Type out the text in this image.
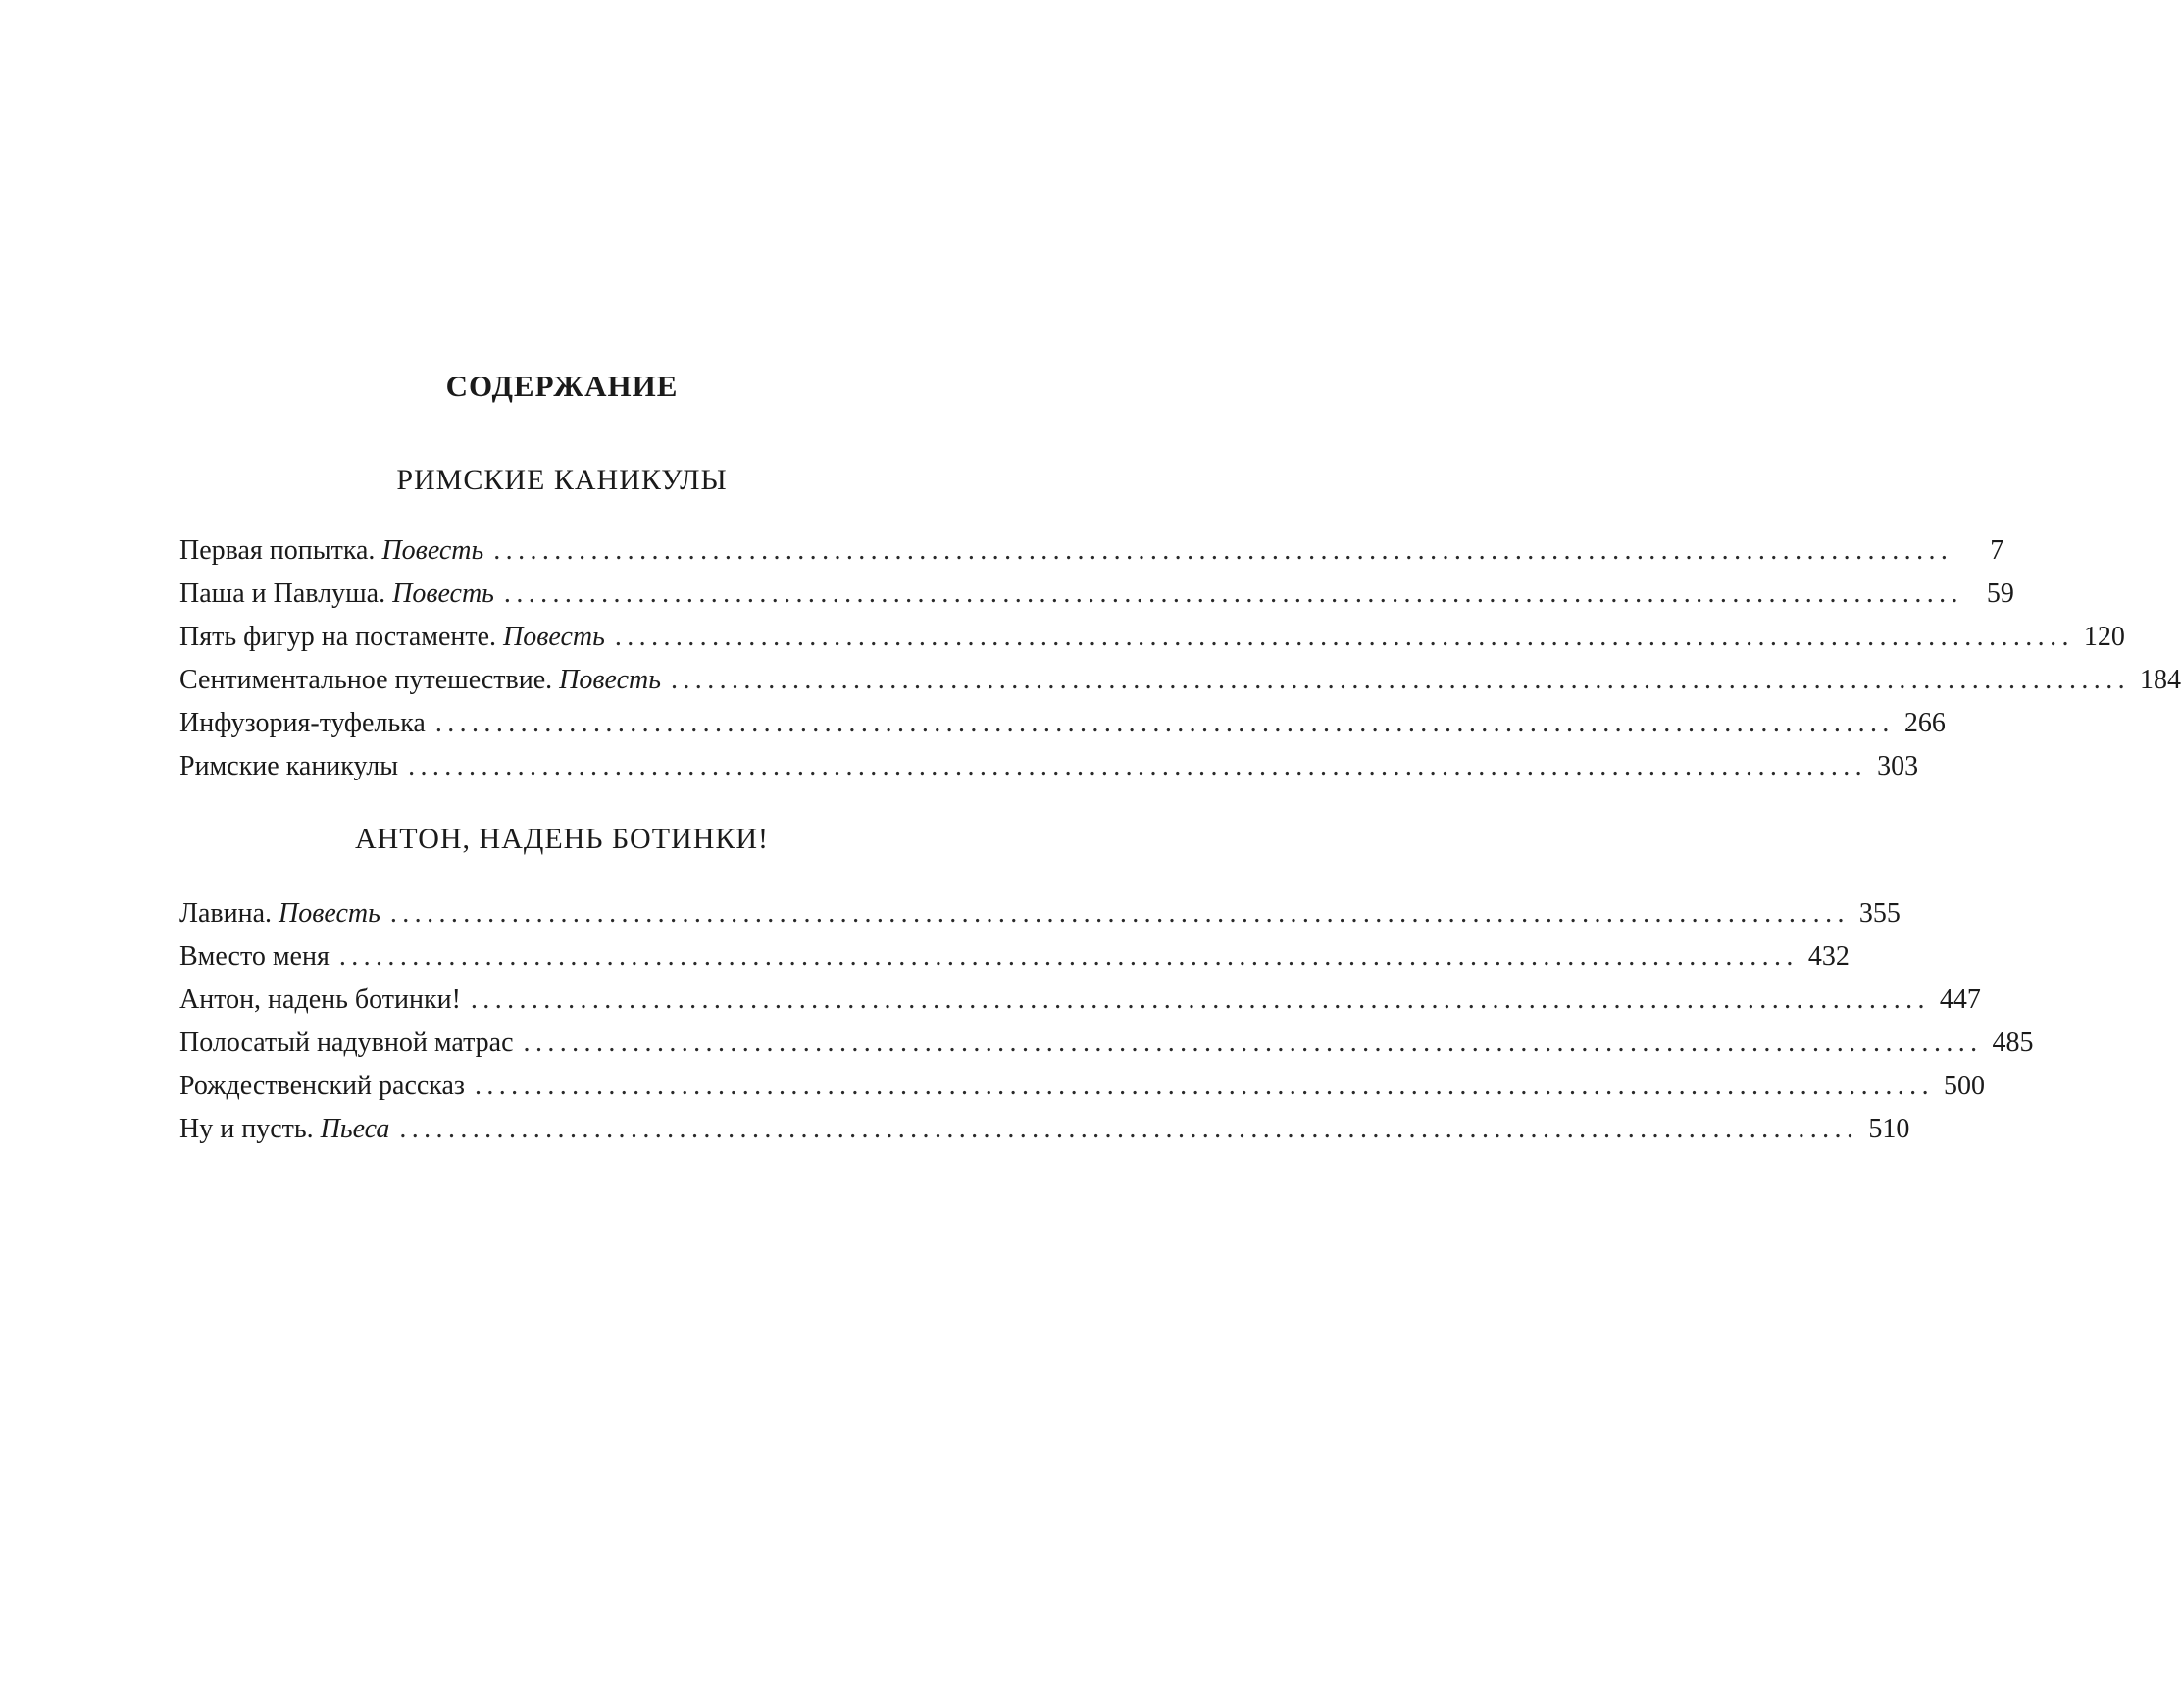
СОДЕРЖАНИЕ
РИМСКИЕ КАНИКУЛЫ
Первая попытка. Повесть ........................................................................................................................	7
Паша и Павлуша. Повесть ........................................................................................................................ 59
Пять фигур на постаменте. Повесть ........................................................................................................................ 120
Сентиментальное путешествие. Повесть ........................................................................................................................ 184
Инфузория-туфелька ........................................................................................................................ 266
Римские каникулы ........................................................................................................................ 303
АНТОН, НАДЕНЬ БОТИНКИ!
Лавина. Повесть ........................................................................................................................ 355
Вместо меня ........................................................................................................................ 432
Антон, надень ботинки! ........................................................................................................................ 447
Полосатый надувной матрас ........................................................................................................................ 485
Рождественский рассказ ........................................................................................................................ 500
Ну и пусть. Пьеса ........................................................................................................................ 510
